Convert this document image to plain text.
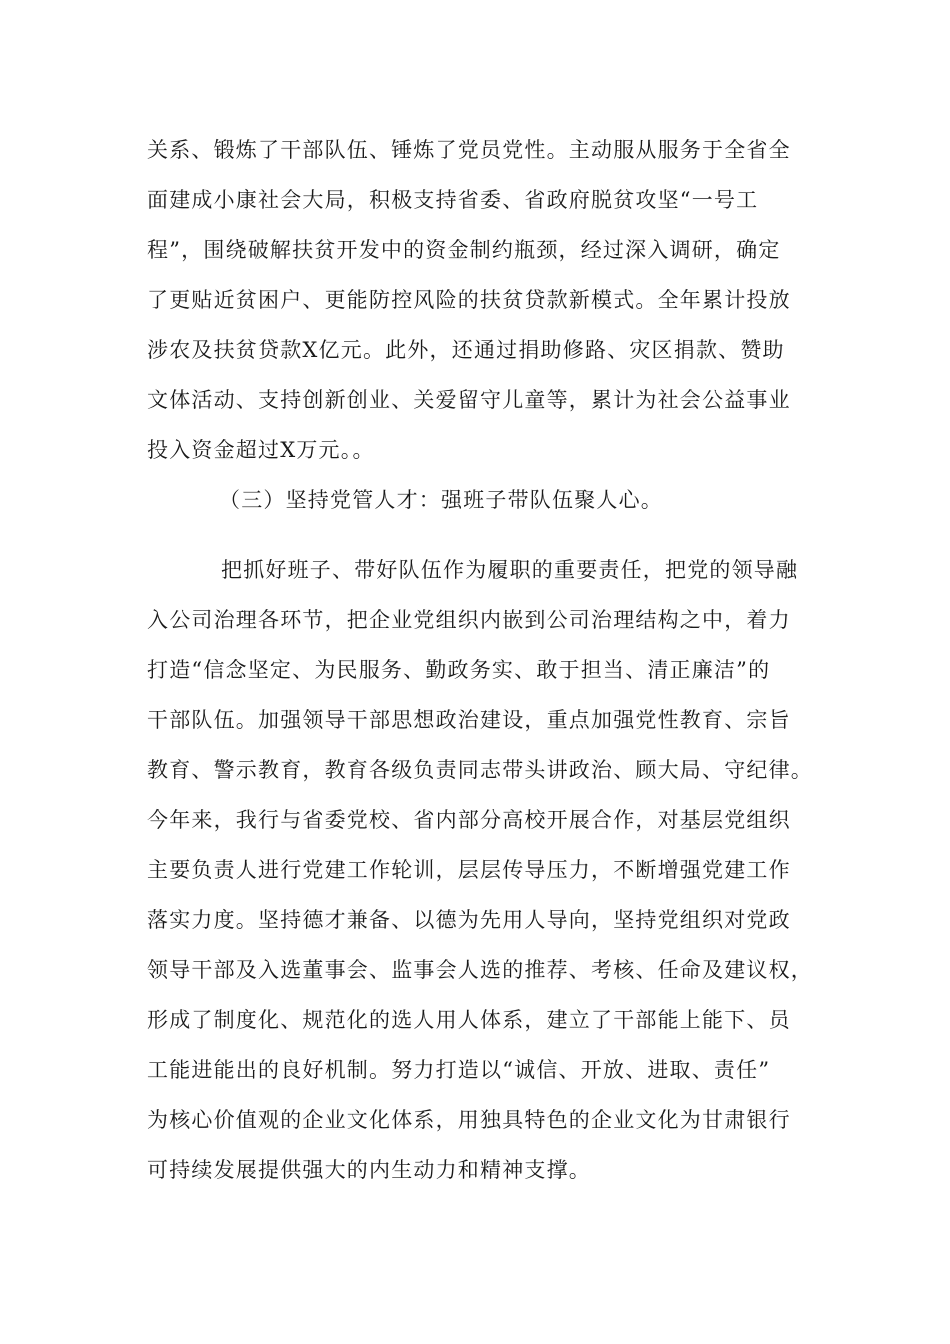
关系、锻炼了干部队伍、锤炼了党员党性。主动服从服务于全省全
面建成小康社会大局，积极支持省委、省政府脱贫攻坚“一号工
程”，围绕破解扶贫开发中的资金制约瓶颈，经过深入调研，确定
了更贴近贫困户、更能防控风险的扶贫贷款新模式。全年累计投放
涉农及扶贫贷款X亿元。此外，还通过捐助修路、灾区捐款、赞助
文体活动、支持创新创业、关爱留守儿童等，累计为社会公益事业
投入资金超过X万元。。
（三）坚持党管人才：强班子带队伍聚人心。
把抓好班子、带好队伍作为履职的重要责任，把党的领导融
入公司治理各环节，把企业党组织内嵌到公司治理结构之中，着力
打造“信念坚定、为民服务、勤政务实、敢于担当、清正廉洁”的
干部队伍。加强领导干部思想政治建设，重点加强党性教育、宗旨
教育、警示教育，教育各级负责同志带头讲政治、顾大局、守纪律。
今年来，我行与省委党校、省内部分高校开展合作，对基层党组织
主要负责人进行党建工作轮训，层层传导压力，不断增强党建工作
落实力度。坚持德才兼备、以德为先用人导向，坚持党组织对党政
领导干部及入选董事会、监事会人选的推荐、考核、任命及建议权，
形成了制度化、规范化的选人用人体系，建立了干部能上能下、员
工能进能出的良好机制。努力打造以“诚信、开放、进取、责任”
为核心价值观的企业文化体系，用独具特色的企业文化为甘肃银行
可持续发展提供强大的内生动力和精神支撑。
